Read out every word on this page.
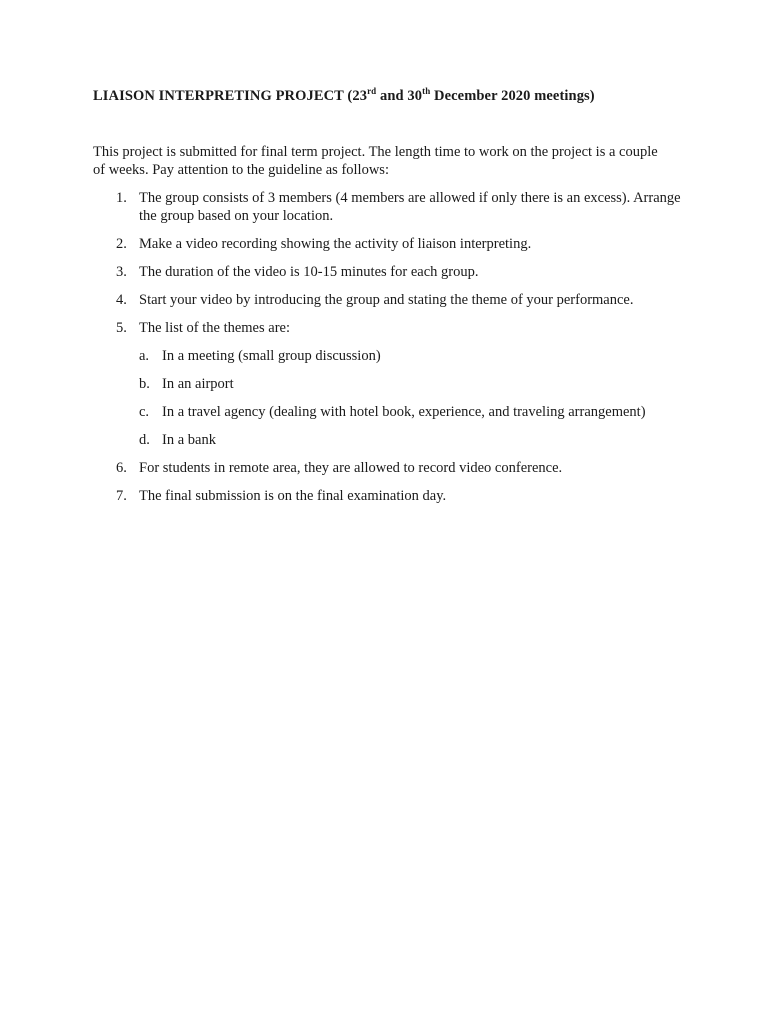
LIAISON INTERPRETING PROJECT (23rd and 30th December 2020 meetings)
This project is submitted for final term project. The length time to work on the project is a couple of weeks. Pay attention to the guideline as follows:
1. The group consists of 3 members (4 members are allowed if only there is an excess). Arrange the group based on your location.
2. Make a video recording showing the activity of liaison interpreting.
3. The duration of the video is 10-15 minutes for each group.
4. Start your video by introducing the group and stating the theme of your performance.
5. The list of the themes are:
a. In a meeting (small group discussion)
b. In an airport
c. In a travel agency (dealing with hotel book, experience, and traveling arrangement)
d. In a bank
6. For students in remote area, they are allowed to record video conference.
7. The final submission is on the final examination day.
